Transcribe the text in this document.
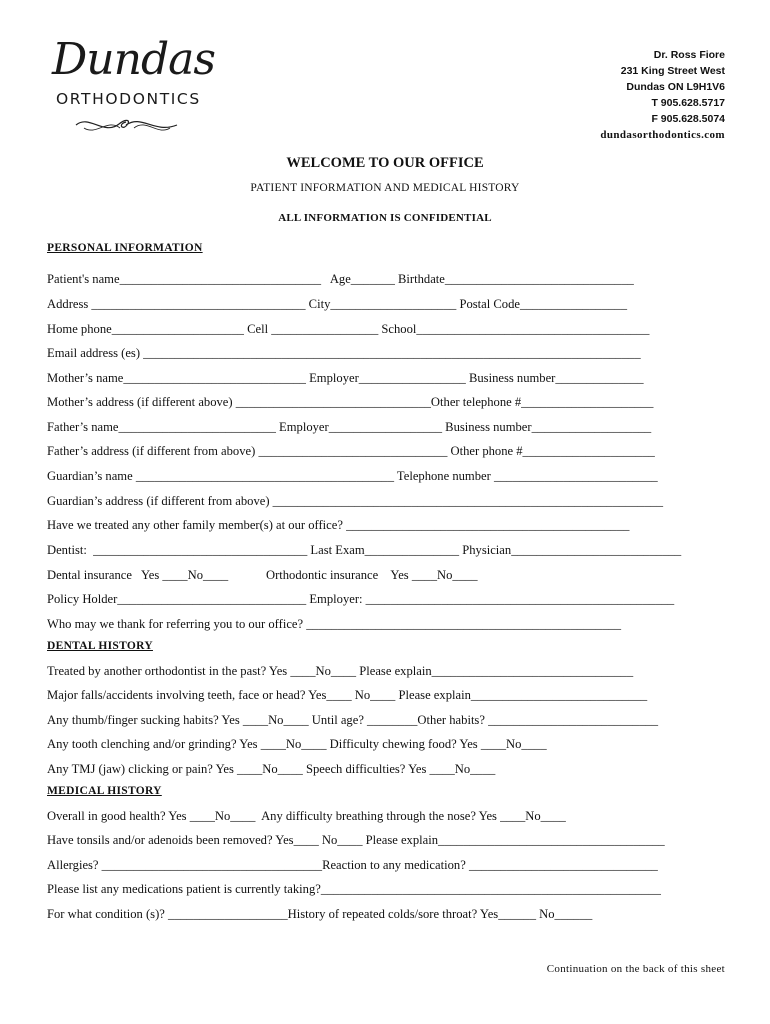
Dundas
ORTHODONTICS
Dr. Ross Fiore
231 King Street West
Dundas ON L9H1V6
T 905.628.5717
F 905.628.5074
dundasorthodontics.com
WELCOME TO OUR OFFICE
PATIENT INFORMATION AND MEDICAL HISTORY
ALL INFORMATION IS CONFIDENTIAL
PERSONAL INFORMATION
Patient's name________________________________   Age_______ Birthdate______________________________
Address __________________________________ City____________________ Postal Code_________________
Home phone_____________________ Cell _________________ School_____________________________________
Email address (es) _______________________________________________________________________________
Mother’s name_____________________________ Employer_________________ Business number______________
Mother’s address (if different above) _______________________________Other telephone #_____________________
Father’s name_________________________ Employer__________________ Business number___________________
Father’s address (if different from above) ______________________________ Other phone #_____________________
Guardian’s name _________________________________________ Telephone number __________________________
Guardian’s address (if different from above) ______________________________________________________________
Have we treated any other family member(s) at our office? _____________________________________________
Dentist:  __________________________________ Last Exam_______________ Physician___________________________
Dental insurance   Yes ____No____            Orthodontic insurance    Yes ____No____
Policy Holder______________________________ Employer: _________________________________________________
Who may we thank for referring you to our office? __________________________________________________
DENTAL HISTORY
Treated by another orthodontist in the past? Yes ____No____ Please explain________________________________
Major falls/accidents involving teeth, face or head? Yes____ No____ Please explain____________________________
Any thumb/finger sucking habits? Yes ____No____ Until age? ________Other habits? ___________________________
Any tooth clenching and/or grinding? Yes ____No____ Difficulty chewing food? Yes ____No____
Any TMJ (jaw) clicking or pain? Yes ____No____ Speech difficulties? Yes ____No____
MEDICAL HISTORY
Overall in good health? Yes ____No____  Any difficulty breathing through the nose? Yes ____No____
Have tonsils and/or adenoids been removed? Yes____ No____ Please explain____________________________________
Allergies? ___________________________________Reaction to any medication? ______________________________
Please list any medications patient is currently taking?______________________________________________________
For what condition (s)? ___________________History of repeated colds/sore throat? Yes______ No______
Continuation on the back of this sheet
